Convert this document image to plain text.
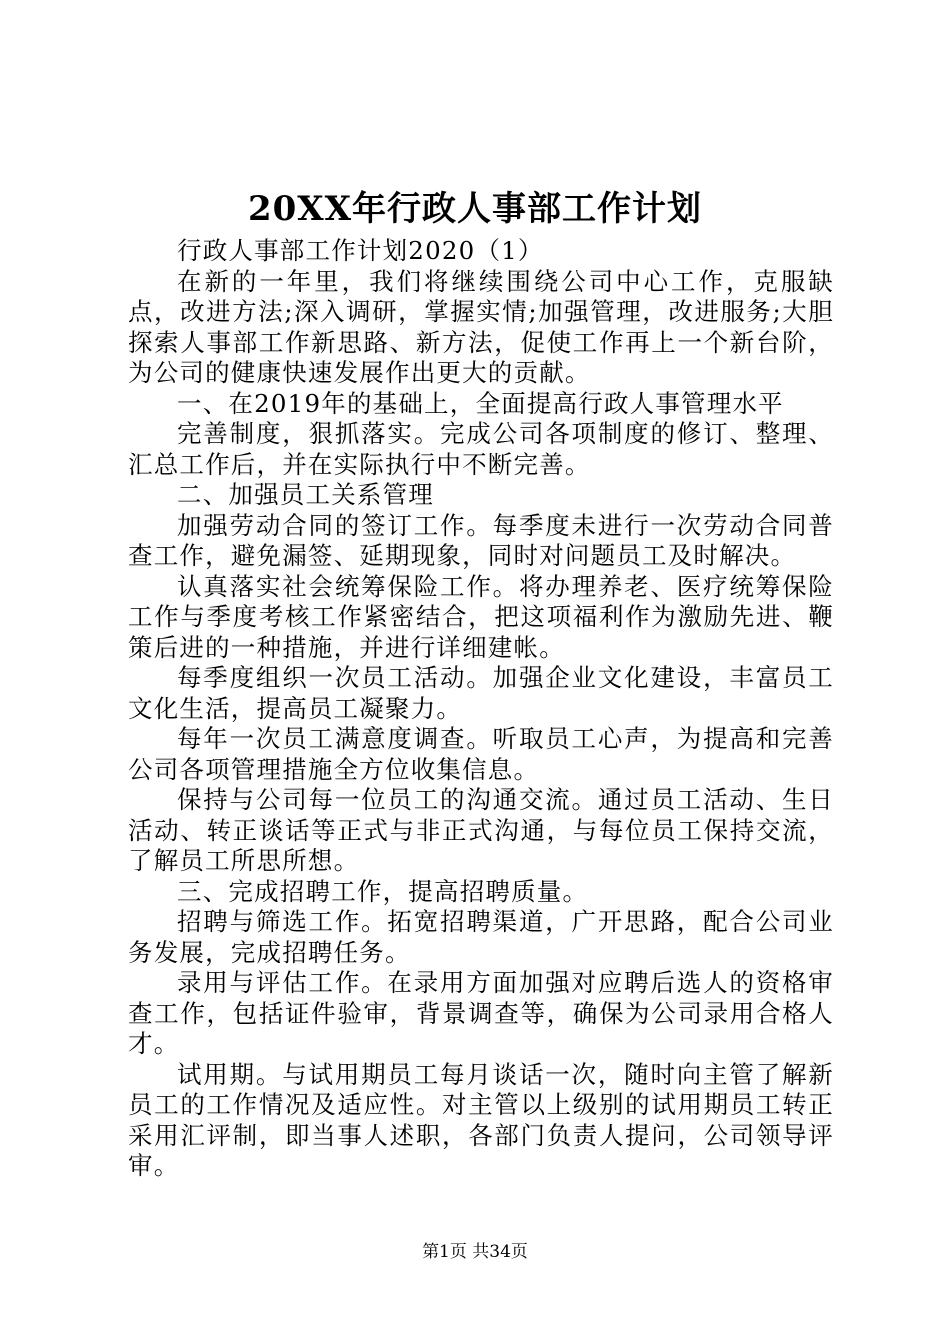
20XX年行政人事部工作计划

行政人事部工作计划2020（1）

在新的一年里，我们将继续围绕公司中心工作，克服缺点，改进方法;深入调研，掌握实情;加强管理，改进服务;大胆探索人事部工作新思路、新方法，促使工作再上一个新台阶，为公司的健康快速发展作出更大的贡献。

一、在2019年的基础上，全面提高行政人事管理水平

完善制度，狠抓落实。完成公司各项制度的修订、整理、汇总工作后，并在实际执行中不断完善。

二、加强员工关系管理

加强劳动合同的签订工作。每季度未进行一次劳动合同普查工作，避免漏签、延期现象，同时对问题员工及时解决。

认真落实社会统筹保险工作。将办理养老、医疗统筹保险工作与季度考核工作紧密结合，把这项福利作为激励先进、鞭策后进的一种措施，并进行详细建帐。

每季度组织一次员工活动。加强企业文化建设，丰富员工文化生活，提高员工凝聚力。

每年一次员工满意度调查。听取员工心声，为提高和完善公司各项管理措施全方位收集信息。

保持与公司每一位员工的沟通交流。通过员工活动、生日活动、转正谈话等正式与非正式沟通，与每位员工保持交流，了解员工所思所想。

三、完成招聘工作，提高招聘质量。

招聘与筛选工作。拓宽招聘渠道，广开思路，配合公司业务发展，完成招聘任务。

录用与评估工作。在录用方面加强对应聘后选人的资格审查工作，包括证件验审，背景调查等，确保为公司录用合格人才。

试用期。与试用期员工每月谈话一次，随时向主管了解新员工的工作情况及适应性。对主管以上级别的试用期员工转正采用汇评制，即当事人述职，各部门负责人提问，公司领导评审。

第1页 共34页
